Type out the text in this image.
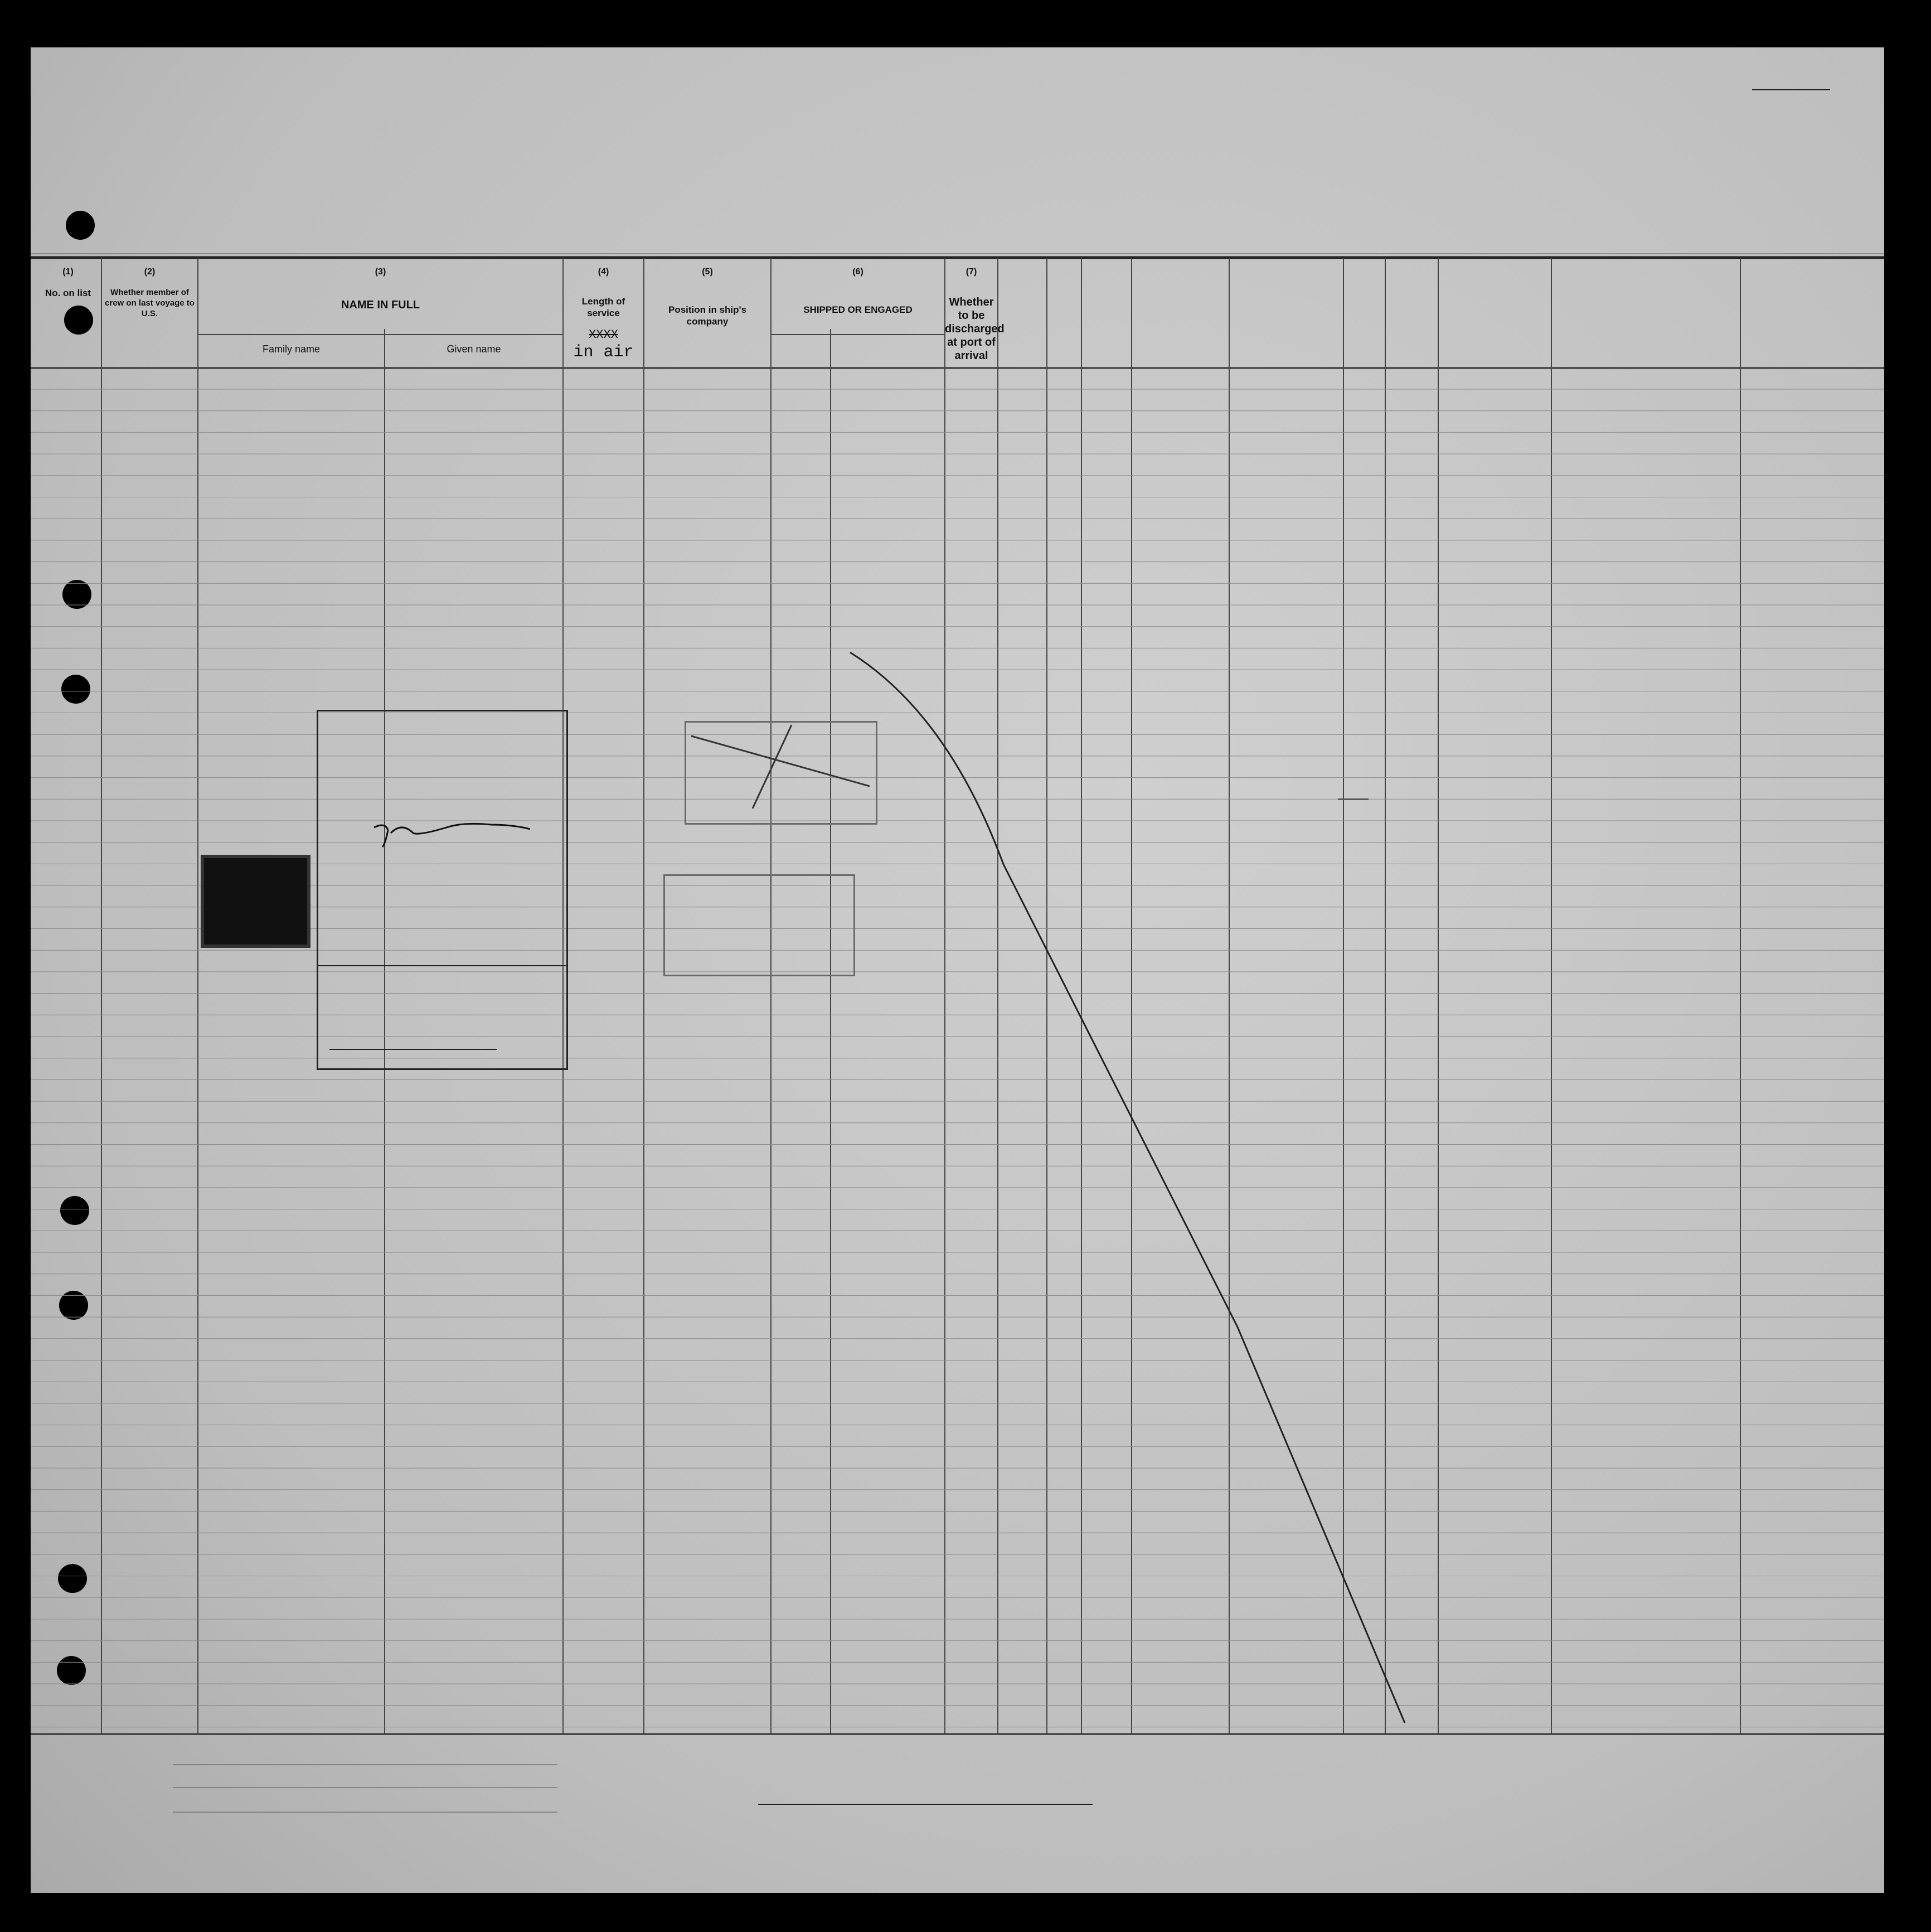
(1)
No. on list
(2)
Whether member of crew on last voyage to U.S.
(3)
NAME IN FULL
Family name	Given name
(4)
Length of service
XXXX
in air
(5)
Position in ship's company
(6)
SHIPPED OR ENGAGED
(7)
Whether to be discharged at port of arrival
